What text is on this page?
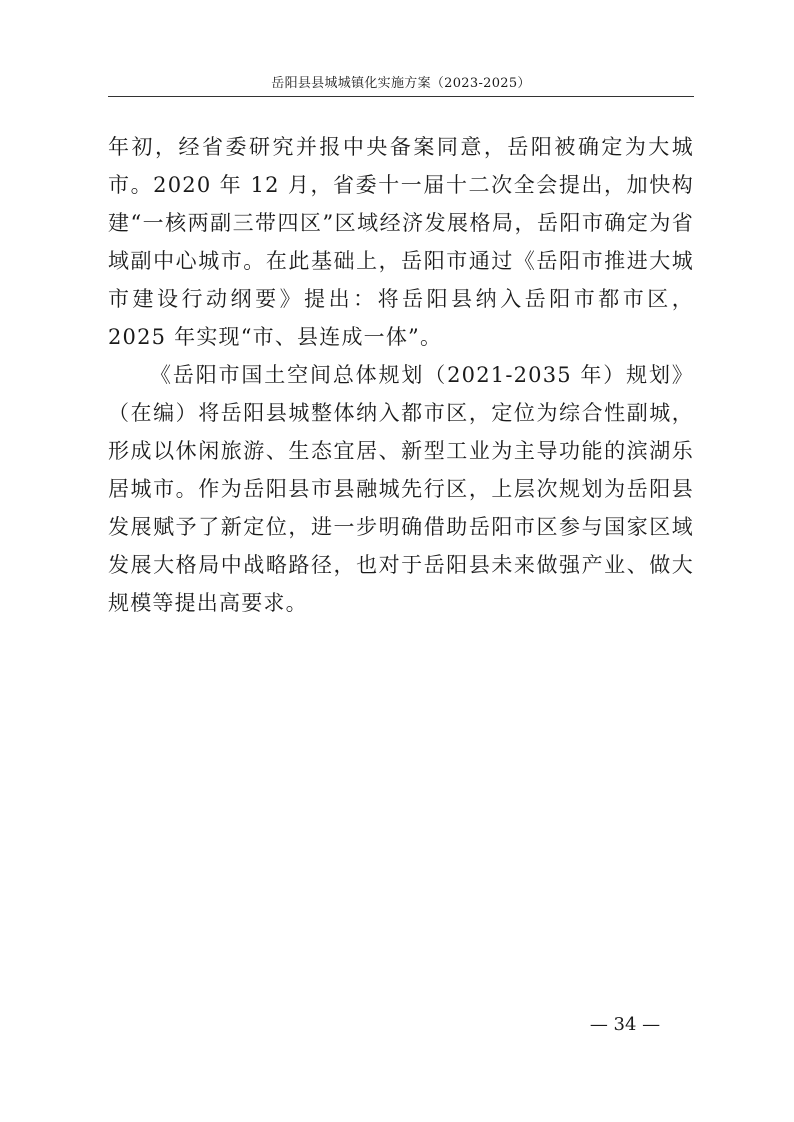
岳阳县县城城镇化实施方案（2023-2025）

年初，经省委研究并报中央备案同意，岳阳被确定为大城市。2020 年 12 月，省委十一届十二次全会提出，加快构建“一核两副三带四区”区域经济发展格局，岳阳市确定为省域副中心城市。在此基础上，岳阳市通过《岳阳市推进大城市建设行动纲要》提出：将岳阳县纳入岳阳市都市区，2025 年实现“市、县连成一体”。

《岳阳市国土空间总体规划（2021-2035 年）规划》（在编）将岳阳县城整体纳入都市区，定位为综合性副城，形成以休闲旅游、生态宜居、新型工业为主导功能的滨湖乐居城市。作为岳阳县市县融城先行区，上层次规划为岳阳县发展赋予了新定位，进一步明确借助岳阳市区参与国家区域发展大格局中战略路径，也对于岳阳县未来做强产业、做大规模等提出高要求。

— 34 —
